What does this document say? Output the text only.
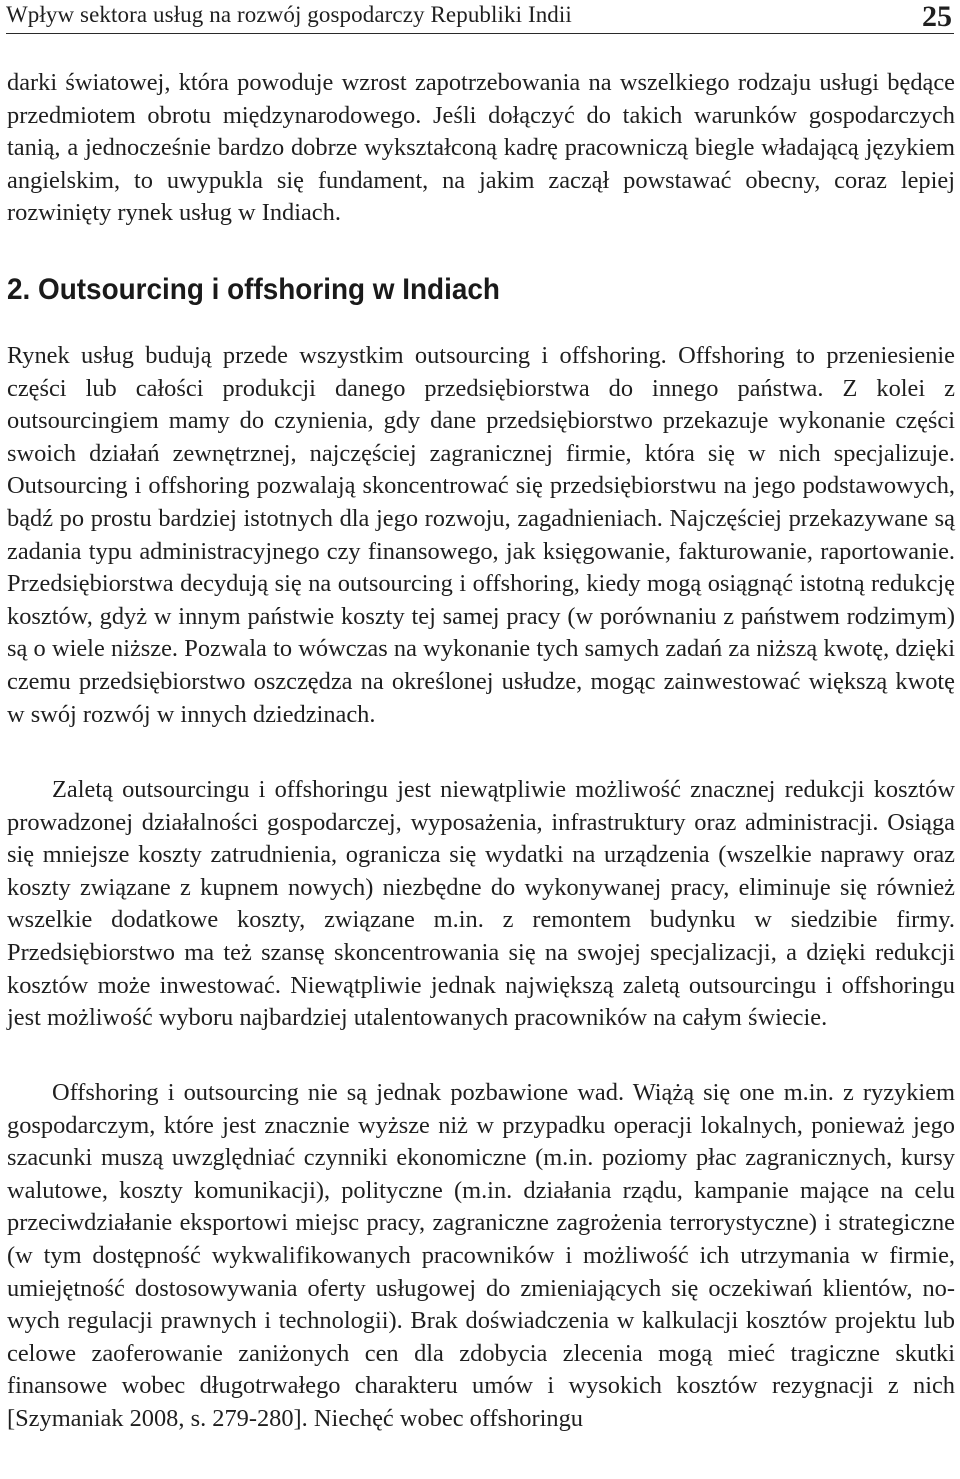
Wpływ sektora usług na rozwój gospodarczy Republiki Indii	25

darki światowej, która powoduje wzrost zapotrzebowania na wszelkiego rodzaju usługi będące przedmiotem obrotu międzynarodowego. Jeśli dołączyć do takich warunków gospodarczych tanią, a jednocześnie bardzo dobrze wykształconą kadrę pracowniczą biegle władającą językiem angielskim, to uwypukla się fundament, na jakim zaczął powstawać obecny, coraz lepiej rozwinięty rynek usług w Indiach.

2. Outsourcing i offshoring w Indiach

Rynek usług budują przede wszystkim outsourcing i offshoring. Offshoring to przeniesienie części lub całości produkcji danego przedsiębiorstwa do innego państwa. Z kolei z outsourcingiem mamy do czynienia, gdy dane przedsiębiorstwo przekazuje wykonanie części swoich działań zewnętrznej, najczęściej zagranicznej firmie, która się w nich specjalizuje. Outsourcing i offshoring pozwalają skoncentrować się przedsiębiorstwu na jego podstawowych, bądź po prostu bardziej istotnych dla jego rozwoju, zagadnieniach. Najczęściej przekazywane są zadania typu administracyjnego czy finansowego, jak księgowanie, fakturowanie, raportowanie. Przedsiębiorstwa decydują się na outsourcing i offshoring, kiedy mogą osiągnąć istotną redukcję kosztów, gdyż w innym państwie koszty tej samej pracy (w porównaniu z państwem rodzimym) są o wiele niższe. Pozwala to wówczas na wykonanie tych samych zadań za niższą kwotę, dzięki czemu przedsiębiorstwo oszczędza na określonej usłudze, mogąc zainwestować większą kwotę w swój rozwój w innych dziedzinach.

Zaletą outsourcingu i offshoringu jest niewątpliwie możliwość znacznej redukcji kosztów prowadzonej działalności gospodarczej, wyposażenia, infrastruktury oraz administracji. Osiąga się mniejsze koszty zatrudnienia, ogranicza się wydatki na urządzenia (wszelkie naprawy oraz koszty związane z kupnem nowych) niezbędne do wykonywanej pracy, eliminuje się również wszelkie dodatkowe koszty, związane m.in. z remontem budynku w siedzibie firmy. Przedsiębiorstwo ma też szansę skoncentrowania się na swojej specjalizacji, a dzięki redukcji kosztów może inwestować. Niewątpliwie jednak największą zaletą outsourcingu i offshoringu jest możliwość wyboru najbardziej utalentowanych pracowników na całym świecie.

Offshoring i outsourcing nie są jednak pozbawione wad. Wiążą się one m.in. z ryzykiem gospodarczym, które jest znacznie wyższe niż w przypadku operacji lokalnych, ponieważ jego szacunki muszą uwzględniać czynniki ekonomiczne (m.in. poziomy płac zagranicznych, kursy walutowe, koszty komunikacji), polityczne (m.in. działania rządu, kampanie mające na celu przeciwdziałanie eksportowi miejsc pracy, zagraniczne zagrożenia terrorystyczne) i strategiczne (w tym dostępność wykwalifikowanych pracowników i możliwość ich utrzymania w firmie, umiejętność dostosowywania oferty usługowej do zmieniających się oczekiwań klientów, nowych regulacji prawnych i technologii). Brak doświadczenia w kalkulacji kosztów projektu lub celowe zaoferowanie zaniżonych cen dla zdobycia zlecenia mogą mieć tragiczne skutki finansowe wobec długotrwałego charakteru umów i wysokich kosztów rezygnacji z nich [Szymaniak 2008, s. 279-280]. Niechęć wobec offshoringu
